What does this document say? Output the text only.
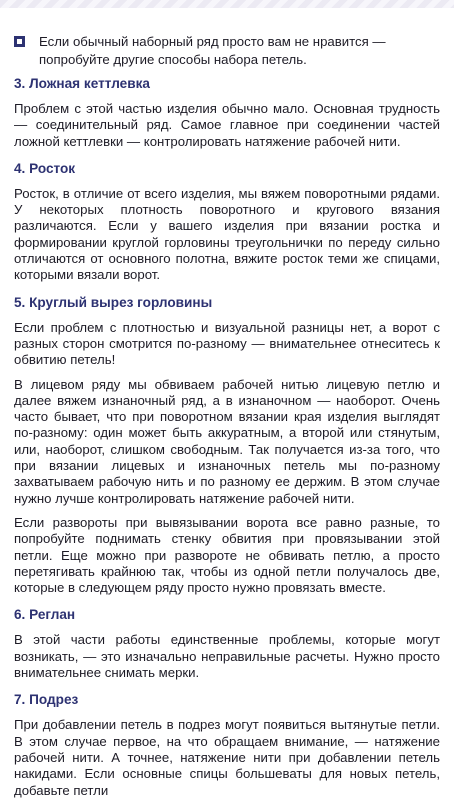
Если обычный наборный ряд просто вам не нравится — попробуйте другие способы набора петель.
3. Ложная кеттлевка

Проблем с этой частью изделия обычно мало. Основная трудность — соединительный ряд. Самое главное при соединении частей ложной кеттлевки — контролировать натяжение рабочей нити.

4. Росток

Росток, в отличие от всего изделия, мы вяжем поворотными рядами. У некоторых плотность поворотного и кругового вязания различаются. Если у вашего изделия при вязании ростка и формировании круглой горловины треугольнички по переду сильно отличаются от основного полотна, вяжите росток теми же спицами, которыми вязали ворот.

5. Круглый вырез горловины

Если проблем с плотностью и визуальной разницы нет, а ворот с разных сторон смотрится по-разному — внимательнее отнеситесь к обвитию петель!

В лицевом ряду мы обвиваем рабочей нитью лицевую петлю и далее вяжем изнаночный ряд, а в изнаночном — наоборот. Очень часто бывает, что при поворотном вязании края изделия выглядят по-разному: один может быть аккуратным, а второй или стянутым, или, наоборот, слишком свободным. Так получается из-за того, что при вязании лицевых и изнаночных петель мы по-разному захватываем рабочую нить и по разному ее держим. В этом случае нужно лучше контролировать натяжение рабочей нити.

Если развороты при вывязывании ворота все равно разные, то попробуйте поднимать стенку обвития при провязывании этой петли. Еще можно при развороте не обвивать петлю, а просто перетягивать крайнюю так, чтобы из одной петли получалось две, которые в следующем ряду просто нужно провязать вместе.

6. Реглан

В этой части работы единственные проблемы, которые могут возникать, — это изначально неправильные расчеты. Нужно просто внимательнее снимать мерки.

7. Подрез

При добавлении петель в подрез могут появиться вытянутые петли. В этом случае первое, на что обращаем внимание, — натяжение рабочей нити. А точнее, натяжение нити при добавлении петель накидами. Если основные спицы большеваты для новых петель, добавьте петли
